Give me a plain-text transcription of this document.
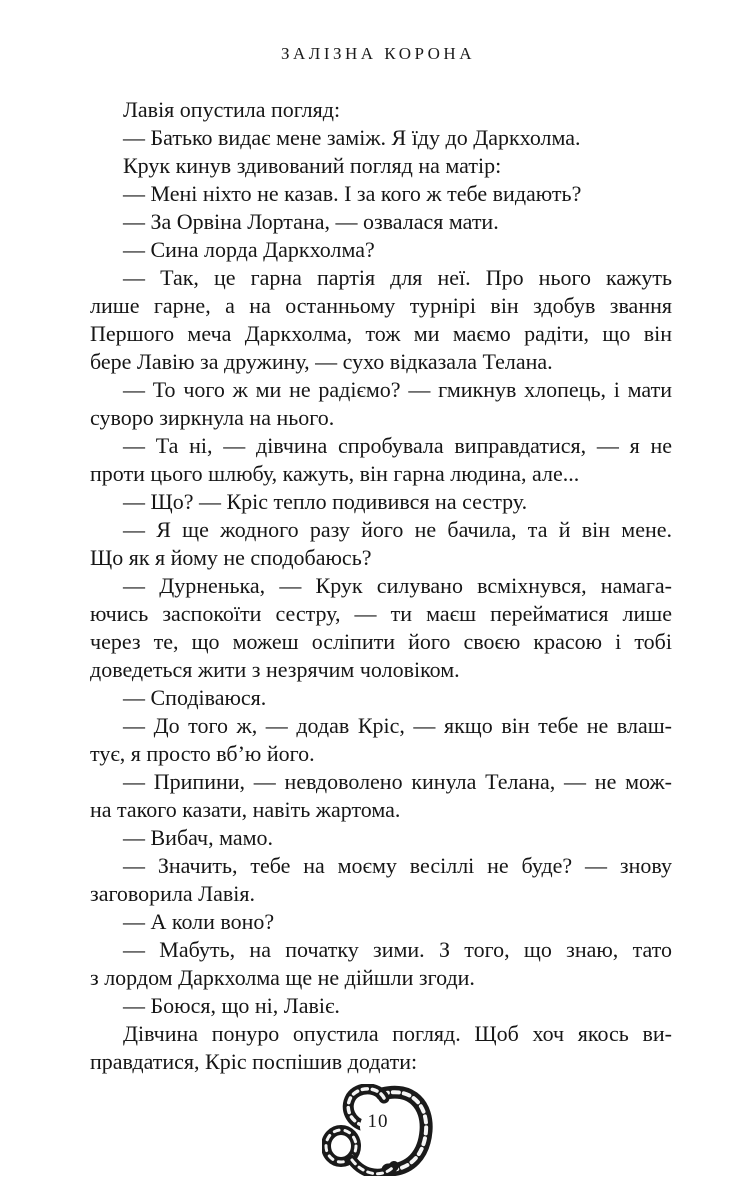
ЗАЛІЗНА КОРОНА
Лавія опустила погляд:
— Батько видає мене заміж. Я їду до Даркхолма.
Крук кинув здивований погляд на матір:
— Мені ніхто не казав. І за кого ж тебе видають?
— За Орвіна Лортана, — озвалася мати.
— Сина лорда Даркхолма?
— Так, це гарна партія для неї. Про нього кажуть
лише гарне, а на останньому турнірі він здобув звання
Першого меча Даркхолма, тож ми маємо радіти, що він
бере Лавію за дружину, — сухо відказала Телана.
— То чого ж ми не радіємо? — гмикнув хлопець, і мати
суворо зиркнула на нього.
— Та ні, — дівчина спробувала виправдатися, — я не
проти цього шлюбу, кажуть, він гарна людина, але...
— Що? — Кріс тепло подивився на сестру.
— Я ще жодного разу його не бачила, та й він мене.
Що як я йому не сподобаюсь?
— Дурненька, — Крук силувано всміхнувся, намага-
ючись заспокоїти сестру, — ти маєш перейматися лише
через те, що можеш осліпити його своєю красою і тобі
доведеться жити з незрячим чоловіком.
— Сподіваюся.
— До того ж, — додав Кріс, — якщо він тебе не влаш-
тує, я просто вб’ю його.
— Припини, — невдоволено кинула Телана, — не мож-
на такого казати, навіть жартома.
— Вибач, мамо.
— Значить, тебе на моєму весіллі не буде? — знову
заговорила Лавія.
— А коли воно?
— Мабуть, на початку зими. З того, що знаю, тато
з лордом Даркхолма ще не дійшли згоди.
— Боюся, що ні, Лавіє.
Дівчина понуро опустила погляд. Щоб хоч якось ви-
правдатися, Кріс поспішив додати:
10
